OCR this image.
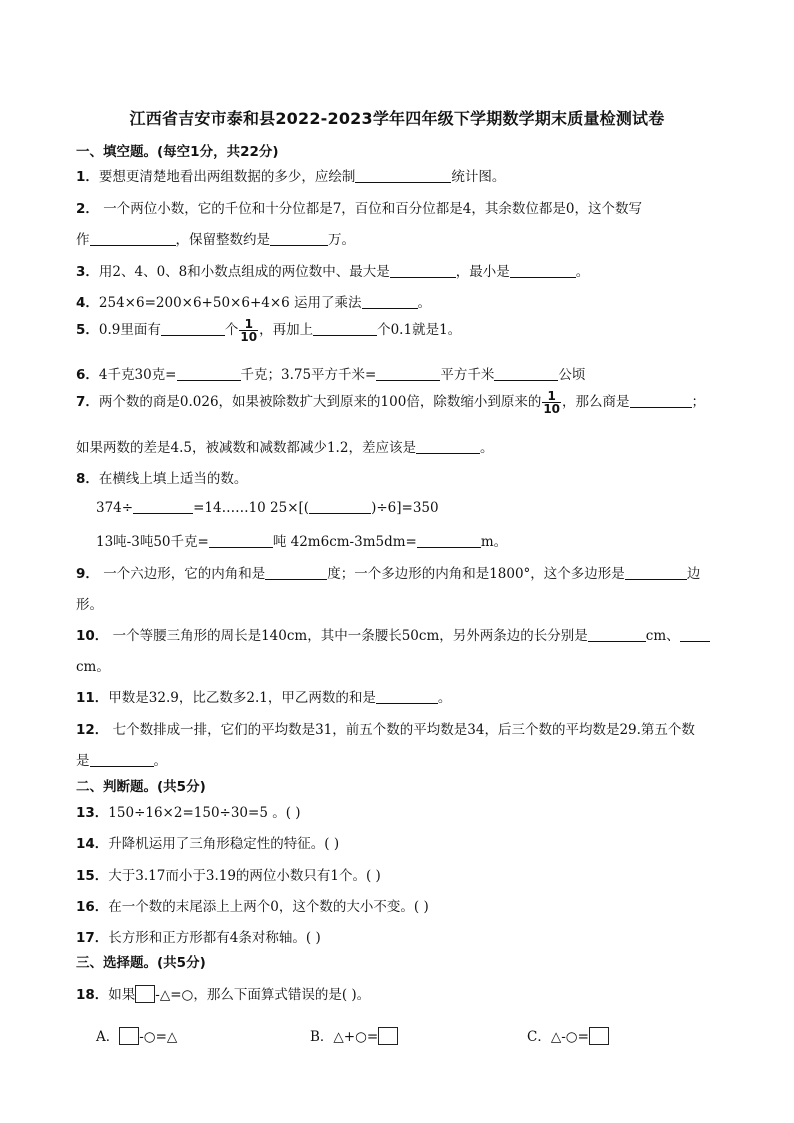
江西省吉安市泰和县2022-2023学年四年级下学期数学期末质量检测试卷
一、填空题。(每空1分，共22分)
1．要想更清楚地看出两组数据的多少，应绘制	统计图。
2． 一个两位小数，它的千位和十分位都是7，百位和百分位都是4，其余数位都是0，这个数写
作	，保留整数约是	万。
3．用2、4、0、8和小数点组成的两位数中、最大是	，最小是	。
4．254×6=200×6+50×6+4×6 运用了乘法	。
5．0.9里面有	个 $\frac{1}{10}$ ，再加上	个0.1就是1。
6．4千克30克=	千克；3.75平方千米=	平方千米	公顷
7．两个数的商是0.026，如果被除数扩大到原来的100倍，除数缩小到原来的 $\frac{1}{10}$ ，那么商是	；
如果两数的差是4.5，被减数和减数都减少1.2，差应该是	。
8．在横线上填上适当的数。
374÷	=14……10 25×[(	)÷6]=350
13吨-3吨50千克=	吨 42m6cm-3m5dm=	m。
9． 一个六边形，它的内角和是	度；一个多边形的内角和是1800°，这个多边形是	边
形。
10． 一个等腰三角形的周长是140cm，其中一条腰长50cm，另外两条边的长分别是	cm、
cm。
11．甲数是32.9，比乙数多2.1，甲乙两数的和是	。
12． 七个数排成一排，它们的平均数是31，前五个数的平均数是34，后三个数的平均数是29.第五个数
是	。
二、判断题。(共5分)
13．150÷16×2=150÷30=5 。( )
14．升降机运用了三角形稳定性的特征。( )
15．大于3.17而小于3.19的两位小数只有1个。( )
16．在一个数的末尾添上上两个0，这个数的大小不变。( )
17．长方形和正方形都有4条对称轴。( )
三、选择题。(共5分)
18．如果 -△=○，那么下面算式错误的是( )。
A． -○=△	B．△+○=	C．△-○=
